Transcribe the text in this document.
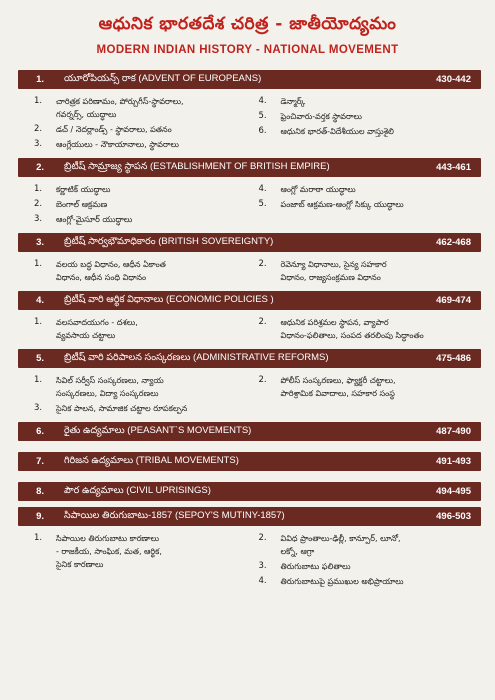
ఆధునిక భారతదేశ చరిత్ర - జాతీయోద్యమం
MODERN INDIAN HISTORY - NATIONAL MOVEMENT
1.	యూరోపియన్స్ రాక (ADVENT OF EUROPEANS)	430-442
1.	చారిత్రక పరిణామం, పోర్చుగీస్-స్థావరాలు,
గవర్నర్స్, యుద్ధాలు
2.	డచ్ / నెదర్లాండ్స్ - స్థావరాలు, పతనం
3.	ఆంగ్లేయులు - నౌకాయానాలు, స్థావరాలు
4.	డెన్మార్క్
5.	ఫ్రెంచివారు-వర్తక స్థావరాలు
6.	ఆధునిక భారత్-విదేశీయుల వాస్తుశైలి
2.	బ్రిటీష్ సామ్రాజ్య స్థాపన (ESTABLISHMENT OF BRITISH EMPIRE)	443-461
1.	కర్ణాటిక్ యుద్ధాలు
2.	బెంగాల్ ఆక్రమణ
3.	ఆంగ్లో-మైసూర్ యుద్ధాలు
4.	ఆంగ్లో మరాఠా యుద్ధాలు
5.	పంజాబ్ ఆక్రమణ-ఆంగ్లో సిక్కు యుద్ధాలు
3.	బ్రిటీష్ సార్వభౌమాధికారం (BRITISH SOVEREIGNTY)	462-468
1.	వలయ బద్ధ విధానం, ఆధీన ఏకాంత
విధానం, ఆధీన సంధి విధానం
2.	రెవెన్యూ విధానాలు, సైన్య సహకార
విధానం, రాజ్యసంక్రమణ విధానం
4.	బ్రిటీష్ వారి ఆర్థిక విధానాలు (ECONOMIC POLICIES )	469-474
1.	వలసవాదయుగం - దశలు,
వ్యవసాయ చట్టాలు
2.	ఆధునిక పరిశ్రమల స్థాపన, వ్యాపార
విధానం-ఫలితాలు, సంపద తరలింపు సిద్ధాంతం
5.	బ్రిటీష్ వారి పరిపాలన సంస్కరణలు (ADMINISTRATIVE REFORMS)	475-486
1.	సివిల్ సర్వీస్ సంస్కరణలు, న్యాయ
సంస్కరణలు, విద్యా సంస్కరణలు
3.	సైనిక పాలన, సామాజిక చట్టాల రూపకల్పన
2.	పోలీస్ సంస్కరణలు, ఫ్యాక్టరీ చట్టాలు,
పారిశ్రామిక వివాదాలు, సహకార సంస్థ
6.	రైతు ఉద్యమాలు (PEASANT`S MOVEMENTS)	487-490
7.	గిరిజన ఉద్యమాలు (TRIBAL MOVEMENTS)	491-493
8.	పౌర ఉద్యమాలు (CIVIL UPRISINGS)	494-495
9.	సిపాయిల తిరుగుబాటు-1857 (SEPOY'S MUTINY-1857)	496-503
1.	సిపాయిల తిరుగుబాటు కారణాలు
- రాజకీయ, సాంఘిక, మత, ఆర్థిక,
సైనిక కారణాలు
2.	వివిధ ప్రాంతాలు-ఢిల్లీ, కాన్పూర్, లూనో,
లక్నో, ఆగ్రా
3.	తిరుగుబాటు ఫలితాలు
4.	తిరుగుబాటుపై ప్రముఖుల అభిప్రాయాలు
